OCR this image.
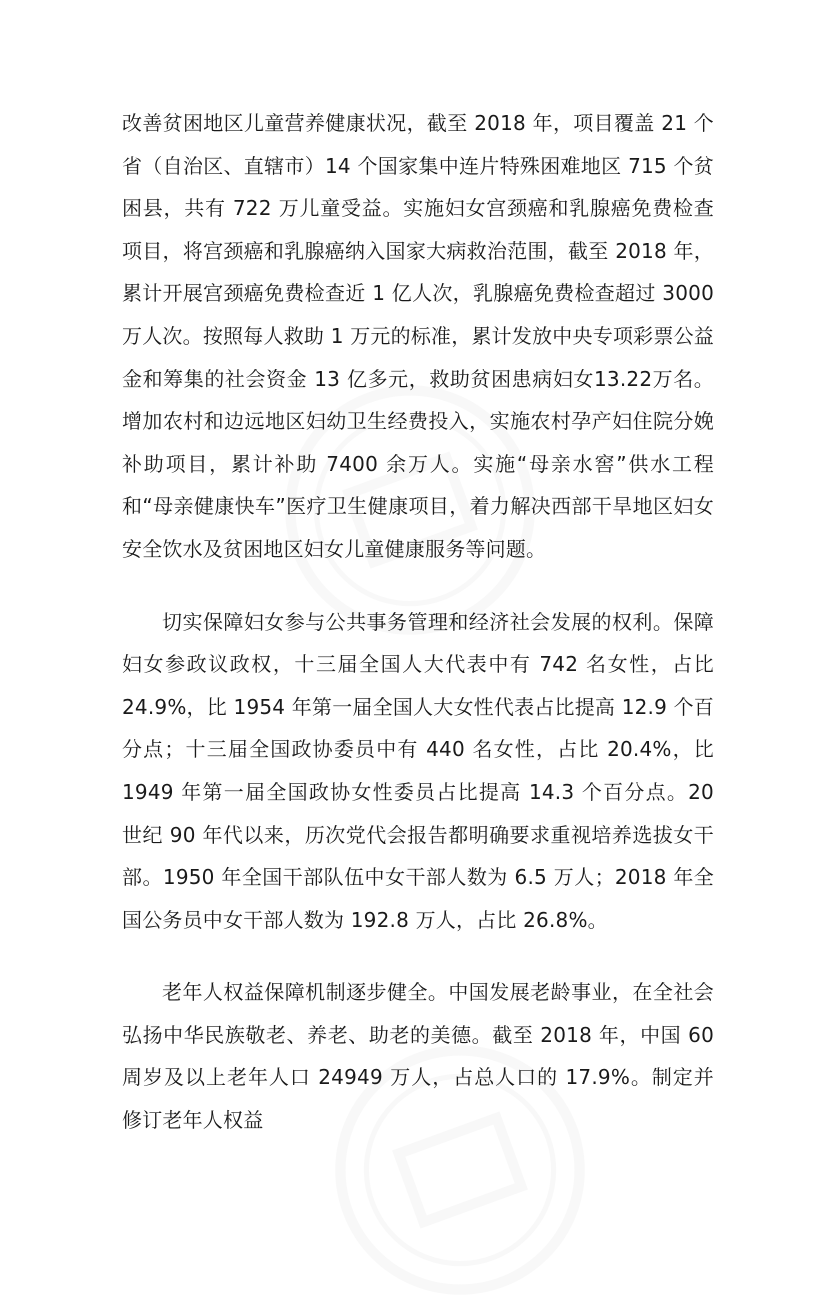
改善贫困地区儿童营养健康状况，截至 2018 年，项目覆盖 21 个省（自治区、直辖市）14 个国家集中连片特殊困难地区 715 个贫困县，共有 722 万儿童受益。实施妇女宫颈癌和乳腺癌免费检查项目，将宫颈癌和乳腺癌纳入国家大病救治范围，截至 2018 年，累计开展宫颈癌免费检查近 1 亿人次，乳腺癌免费检查超过 3000 万人次。按照每人救助 1 万元的标准，累计发放中央专项彩票公益金和筹集的社会资金 13 亿多元，救助贫困患病妇女13.22万名。增加农村和边远地区妇幼卫生经费投入，实施农村孕产妇住院分娩补助项目，累计补助 7400 余万人。实施“母亲水窖”供水工程和“母亲健康快车”医疗卫生健康项目，着力解决西部干旱地区妇女安全饮水及贫困地区妇女儿童健康服务等问题。

切实保障妇女参与公共事务管理和经济社会发展的权利。保障妇女参政议政权，十三届全国人大代表中有 742 名女性，占比 24.9%，比 1954 年第一届全国人大女性代表占比提高 12.9 个百分点；十三届全国政协委员中有 440 名女性，占比 20.4%，比 1949 年第一届全国政协女性委员占比提高 14.3 个百分点。20 世纪 90 年代以来，历次党代会报告都明确要求重视培养选拔女干部。1950 年全国干部队伍中女干部人数为 6.5 万人；2018 年全国公务员中女干部人数为 192.8 万人，占比 26.8%。

老年人权益保障机制逐步健全。中国发展老龄事业，在全社会弘扬中华民族敬老、养老、助老的美德。截至 2018 年，中国 60 周岁及以上老年人口 24949 万人，占总人口的 17.9%。制定并修订老年人权益
